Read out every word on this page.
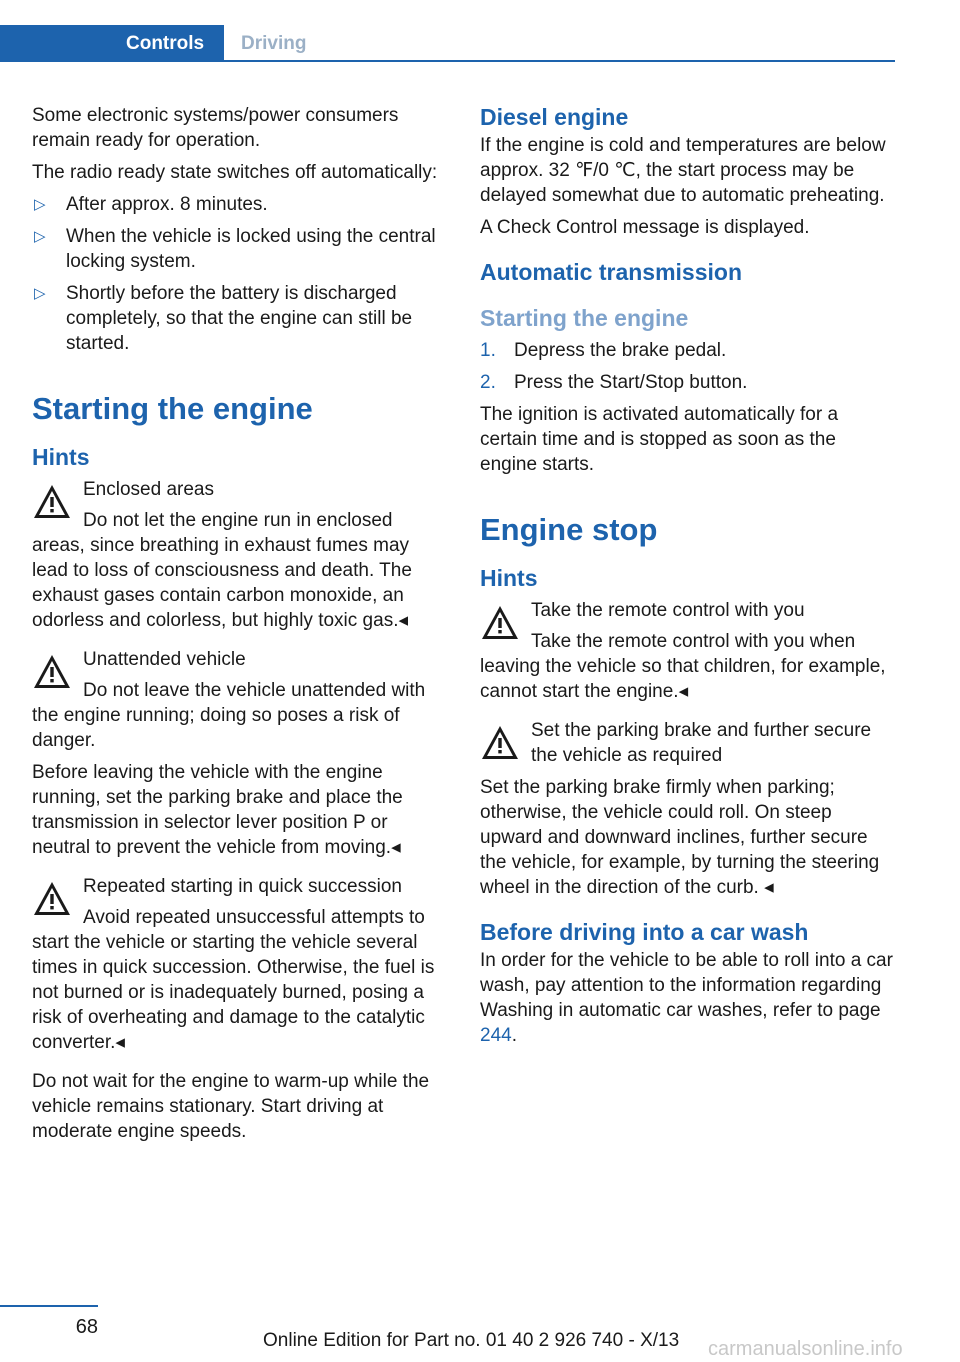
Controls	Driving

Some electronic systems/power consumers remain ready for operation.

The radio ready state switches off automatically:

▷ After approx. 8 minutes.
▷ When the vehicle is locked using the central locking system.
▷ Shortly before the battery is discharged completely, so that the engine can still be started.
Starting the engine
Hints
Enclosed areas

Do not let the engine run in enclosed areas, since breathing in exhaust fumes may lead to loss of consciousness and death. The exhaust gases contain carbon monoxide, an odorless and colorless, but highly toxic gas.◂

Unattended vehicle

Do not leave the vehicle unattended with the engine running; doing so poses a risk of danger.

Before leaving the vehicle with the engine running, set the parking brake and place the transmission in selector lever position P or neutral to prevent the vehicle from moving.◂

Repeated starting in quick succession

Avoid repeated unsuccessful attempts to start the vehicle or starting the vehicle several times in quick succession. Otherwise, the fuel is not burned or is inadequately burned, posing a risk of overheating and damage to the catalytic converter.◂

Do not wait for the engine to warm-up while the vehicle remains stationary. Start driving at moderate engine speeds.

Diesel engine

If the engine is cold and temperatures are below approx. 32 ℉/0 ℃, the start process may be delayed somewhat due to automatic preheating.

A Check Control message is displayed.

Automatic transmission
Starting the engine
1. Depress the brake pedal.
2. Press the Start/Stop button.

The ignition is activated automatically for a certain time and is stopped as soon as the engine starts.

Engine stop
Hints
Take the remote control with you

Take the remote control with you when leaving the vehicle so that children, for example, cannot start the engine.◂

Set the parking brake and further secure the vehicle as required

Set the parking brake firmly when parking; otherwise, the vehicle could roll. On steep upward and downward inclines, further secure the vehicle, for example, by turning the steering wheel in the direction of the curb. ◂

Before driving into a car wash

In order for the vehicle to be able to roll into a car wash, pay attention to the information regarding Washing in automatic car washes, refer to page 244.

68
Online Edition for Part no. 01 40 2 926 740 - X/13 carmanualsonline.info
